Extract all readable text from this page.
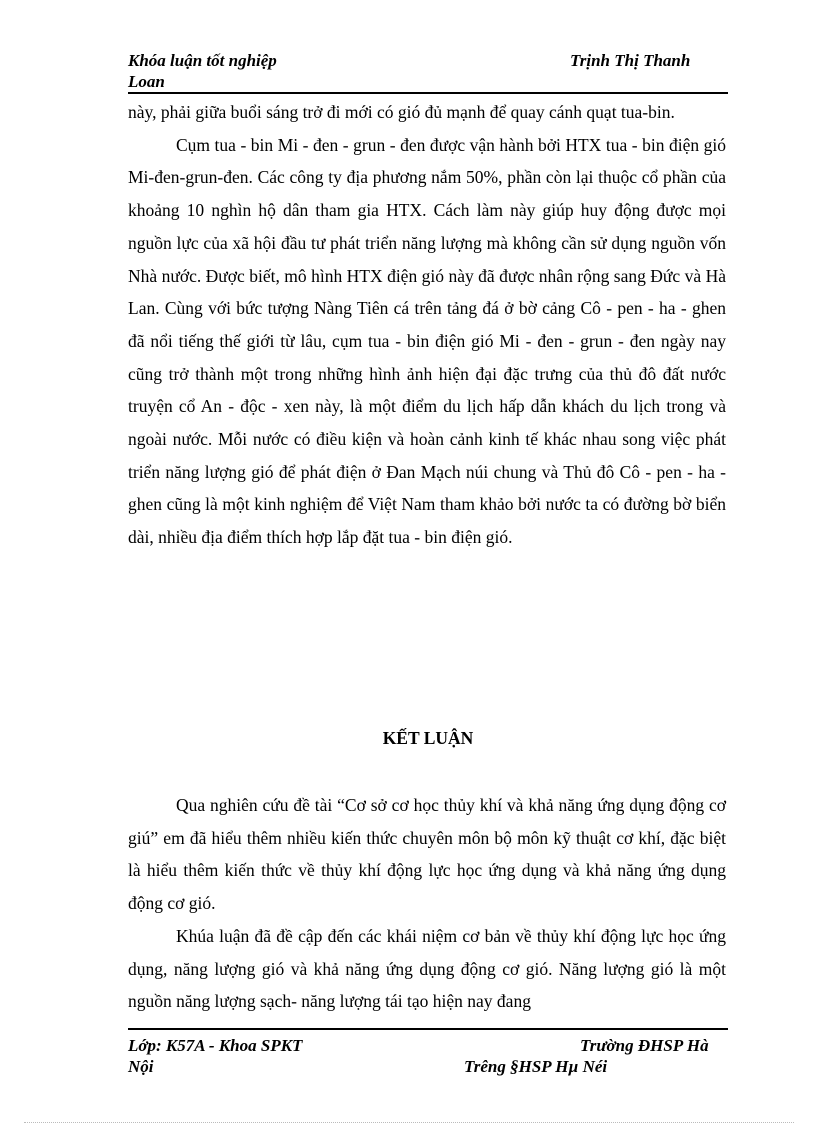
Khóa luận tốt nghiệp	Trịnh Thị Thanh
Loan

này, phải giữa buổi sáng trở đi mới có gió đủ mạnh để quay cánh quạt tua-bin.

Cụm tua - bin Mi - đen - grun - đen được vận hành bởi HTX tua - bin điện gió Mi-đen-grun-đen. Các công ty địa phương nắm 50%, phần còn lại thuộc cổ phần của khoảng 10 nghìn hộ dân tham gia HTX. Cách làm này giúp huy động được mọi nguồn lực của xã hội đầu tư phát triển năng lượng mà không cần sử dụng nguồn vốn Nhà nước. Được biết, mô hình HTX điện gió này đã được nhân rộng sang Đức và Hà Lan. Cùng với bức tượng Nàng Tiên cá trên tảng đá ở bờ cảng Cô - pen - ha - ghen đã nổi tiếng thế giới từ lâu, cụm tua - bin điện gió Mi - đen - grun - đen ngày nay cũng trở thành một trong những hình ảnh hiện đại đặc trưng của thủ đô đất nước truyện cổ An - độc - xen này, là một điểm du lịch hấp dẫn khách du lịch trong và ngoài nước. Mỗi nước có điều kiện và hoàn cảnh kinh tế khác nhau song việc phát triển năng lượng gió để phát điện ở Đan Mạch núi chung và Thủ đô Cô - pen - ha - ghen cũng là một kinh nghiệm để Việt Nam tham khảo bởi nước ta có đường bờ biển dài, nhiều địa điểm thích hợp lắp đặt tua - bin điện gió.

KẾT LUẬN

Qua nghiên cứu đề tài “Cơ sở cơ học thủy khí và khả năng ứng dụng động cơ giú” em đã hiểu thêm nhiều kiến thức chuyên môn bộ môn kỹ thuật cơ khí, đặc biệt là hiểu thêm kiến thức về thủy khí động lực học ứng dụng và khả năng ứng dụng động cơ gió.

Khúa luận đã đề cập đến các khái niệm cơ bản về thủy khí động lực học ứng dụng, năng lượng gió và khả năng ứng dụng động cơ gió. Năng lượng gió là một nguồn năng lượng sạch- năng lượng tái tạo hiện nay đang

Lớp: K57A - Khoa SPKT	Trường ĐHSP Hà
Nội	Trêng §HSP Hµ Néi
